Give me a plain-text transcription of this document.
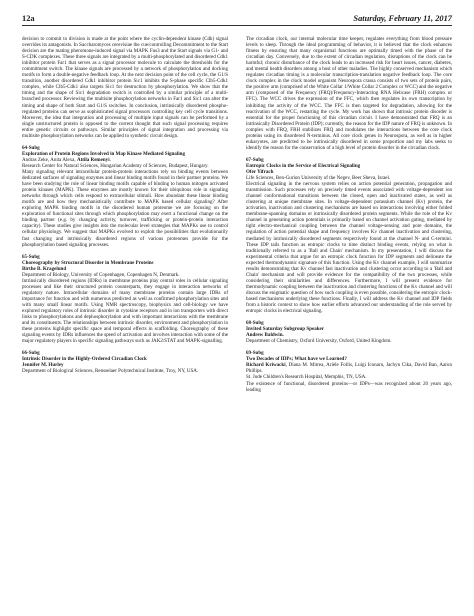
12a	Saturday, February 11, 2017

decision to commit to division is made at the point where the cyclin-dependent kinase (Cdk) signal overrides its antagonists. In Saccharomyces cerevisiae the cue/controlling Decommitment to the Start decision are the mating pheromone-induced signal via MAPK Fus3 and the Start signals via G1- and S-CDK complexes. These three signals are integrated by a multi-phosphorylated and disordered Cdk1 inhibitor protein Far1 that serves as a signal processor molecule to calculate the thresholds for the commitment switch. The kinase signals are processed by a network of phosphorylation and docking motifs to form a double-negative feedback loop. At the next decision point of the cell cycle, the G1/S transition, another disordered Cdk1 inhibitor protein Sic1 inhibits the S-phase specific Clb5-Cdk1 complex, while Clb5-Cdk1 also targets Sic1 for destruction by phosphorylation. We show that the timing and the shape of Sic1 degradation switch is controlled by a similar principle of a multi-branched processor. Reviewing the multisite phosphorylation networks in Far1 and Sic1 can alter the timing and shape of both Start and G1/S switches. In conclusion, intrinsically disordered phospho-regulated proteins can serve as sophisticated signal processors controlling key cell cycle transitions. Moreover, the idea that integration and processing of multiple input signals can be performed by a single unstructured protein is opposed to the current thought that such signal processing requires entire genetic circuits or pathways. Similar principles of signal integration and processing via multisite phosphorylation networks can be applied to synthetic circuit design.

64-Subg

Exploration of Protein Regions Involved in Map Kinase Mediated Signaling

Andras Zeke, Anita Alexa, Attila Remenyi.

Research Center for Natural Sciences, Hungarian Academy of Sciences, Budapest, Hungary.

Many signaling relevant intracellular protein-protein interactions rely on binding events between dedicated surfaces of signaling enzymes and linear binding motifs found in their partner proteins. We have been studying the role of linear binding motifs capable of binding to human mitogen activated protein kinases (MAPK). These enzymes are mostly known for their ubiquitous role in signaling networks through which cells respond to extracellular stimuli. How abundant these linear binding motifs are and how they mechanistically contribute to MAPK based cellular signaling? After exploring MAPK binding motifs in the disordered human proteome we are focusing on the exploration of functional sites through which phosphorylation may exert a functional change on the binding partner (e.g. by changing activity, turnover, trafficking or protein-protein interaction capacity). These studies give insights into the molecular level strategies that MAPKs use to control cellular physiology. We suggest that MAPKs evolved to exploit the possibilities that evolutionarily fast changing and intrinsically disordered regions of various proteomes provide for the phosphorylation based signaling processes.

65-Subg

Choreography by Structural Disorder in Membrane Proteins

Birthe B. Kragelund

Department of Biology, University of Copenhagen, Copenhagen N, Denmark.

Intrinsically disordered regions (IDRs) in membrane proteins play central roles in cellular signaling processes and like their structured protein counterparts, they engage in interaction networks of regulatory nature. Intracellular domains of many membrane proteins contain large IDRs of importance for function and with numerous predicted as well as confirmed phosphorylation sites and with many small linear motifs. Using NMR spectroscopy, biophysics and cell-biology we have explored regulatory roles of intrinsic disorder in cytokine receptors and in ion transporters with direct links to phosphorylations and dephosphorylation and with important interactions with the membrane and its constituents. The relationships between intrinsic disorder, environment and phosphorylation in these proteins highlight specific space and temporal effects in scaffolding. Choreography of these signaling events by IDRs influences the speed of activation and involves interaction with some of the major regulatory players in specific signaling pathways such as JAK2/STAT and MAPK-signalling.

66-Subg

Intrinsic Disorder in the Highly-Ordered Circadian Clock

Jennifer M. Hurley

Department of Biological Sciences, Rensselaer Polytechnical Institute, Troy, NY, USA.

The circadian clock, our internal molecular time keeper, regulates everything from blood pressure levels to sleep. Through the ideal programming of behavior, it is believed that the clock enhances fitness by ensuring that many organismal functions are optimally timed with the phase of the circadian day. Conversely, due to the extent of circadian regulation, disruptions of the clock can be harmful; chronic disturbance of the clock leads to an increased risk for heart issues, cancer, diabetes, and mental health disorders among a host of other maladies. The highly conserved mechanism which regulates circadian timing is a molecular transcription-translation negative feedback loop. The core clock complex in the clock model organism Neurospora crassa consists of two sets of protein pairs, the positive arm (comprised of the White Collar 1/White Collar 2 Complex or WCC) and the negative arm (composed of the Frequency (FRQ)/Frequency-Interacting RNA Helicase (FRH) complex or FFC). The WCC drives the expression of the FFC, which then regulates its own transcription by inhibiting the activity of the WCC. The FFC is then targeted for degradation, allowing for the reactivation of the WCC, restarting the cycle. My work has shown that intrinsic protein disorder is essential for the proper functioning of this circadian circuit. I have demonstrated that FRQ is an intrinsically Disordered Protein (IDP); currently, the reason for the IDP nature of FRQ is unknown. In complex with FRQ, FRH stabilizes FRQ and modulates the interactions between the core clock proteins using its disordered N-terminus. All core clock genes in Neurospora, as well as in higher eukaryotes, are predicted to be intrinsically disordered in some proportion and my labs seeks to identify the reason for the conservation of a high level of protein disorder in the circadian clock.

67-Subg

Entropic Clocks in the Service of Electrical Signaling

Ofer Yifrach

Life Sciences, Ben-Gurion University of the Negev, Beer Sheva, Israel.

Electrical signaling in the nervous system relies on action potential generation, propagation and transmission. Such processes rely on precisely timed events associated with voltage-dependent ion channel conformational transitions between the closed, open and inactivated states, as well as clustering at unique membrane sites. In voltage-dependent potassium channel (Kv) protein, the activation, inactivation and clustering mechanisms are based on interactions involving either folded membrane-spanning domains or intrinsically disordered protein segments. While the role of the Kv channel in generating action potentials is primarily based on channel activation gating, mediated by tight electro-mechanical coupling between the channel voltage-sensing and pore domains, the regulation of action potential shape and frequency involves Kv channel inactivation and clustering, mediated by intrinsically disordered segments respectively found at the channel N- and C-termini. These IDP tails function as entropic clocks to time distinct binding events, relying on what is traditionally referred to as a 'Ball and Chain' mechanism. In my presentation, I will discuss the experimental criteria that argue for an entropic clock function for IDP segments and delineate the expected thermodynamic signature of this function. Using the Kv channel example, I will summarize results demonstrating that Kv channel fast inactivation and clustering occur according to a 'Ball and Chain' mechanism and will provide evidence for the compatibility of the two processes, while considering their similarities and differences. Furthermore, I will present evidence for thermodynamic coupling between the inactivation and clustering functions of the Kv channel and will discuss the enigmatic question of how such coupling is even possible, considering the entropic clock-based mechanisms underlying these functions. Finally, I will address the Kv channel and IDP fields from a historic context to show how earlier efforts advanced our understanding of the role served by entropic clocks in electrical signaling.

68-Subg

Invited Saturday Subgroup Speaker

Andrew Baldwin.

Department of Chemistry, Oxford University, Oxford, United Kingdom.

69-Subg

Two Decades of IDPs; What have we Learned?

Richard Kriwacki, Diana M. Mitrea, Arièle Follis, Luigi Iconaru, Jachyn Cika, David Ban, Aaron Phillips.

St. Jude Children's Research Hospital, Memphis, TN, USA.

The existence of functional, disordered proteins—or IDPs—was recognized about 20 years ago, leading
